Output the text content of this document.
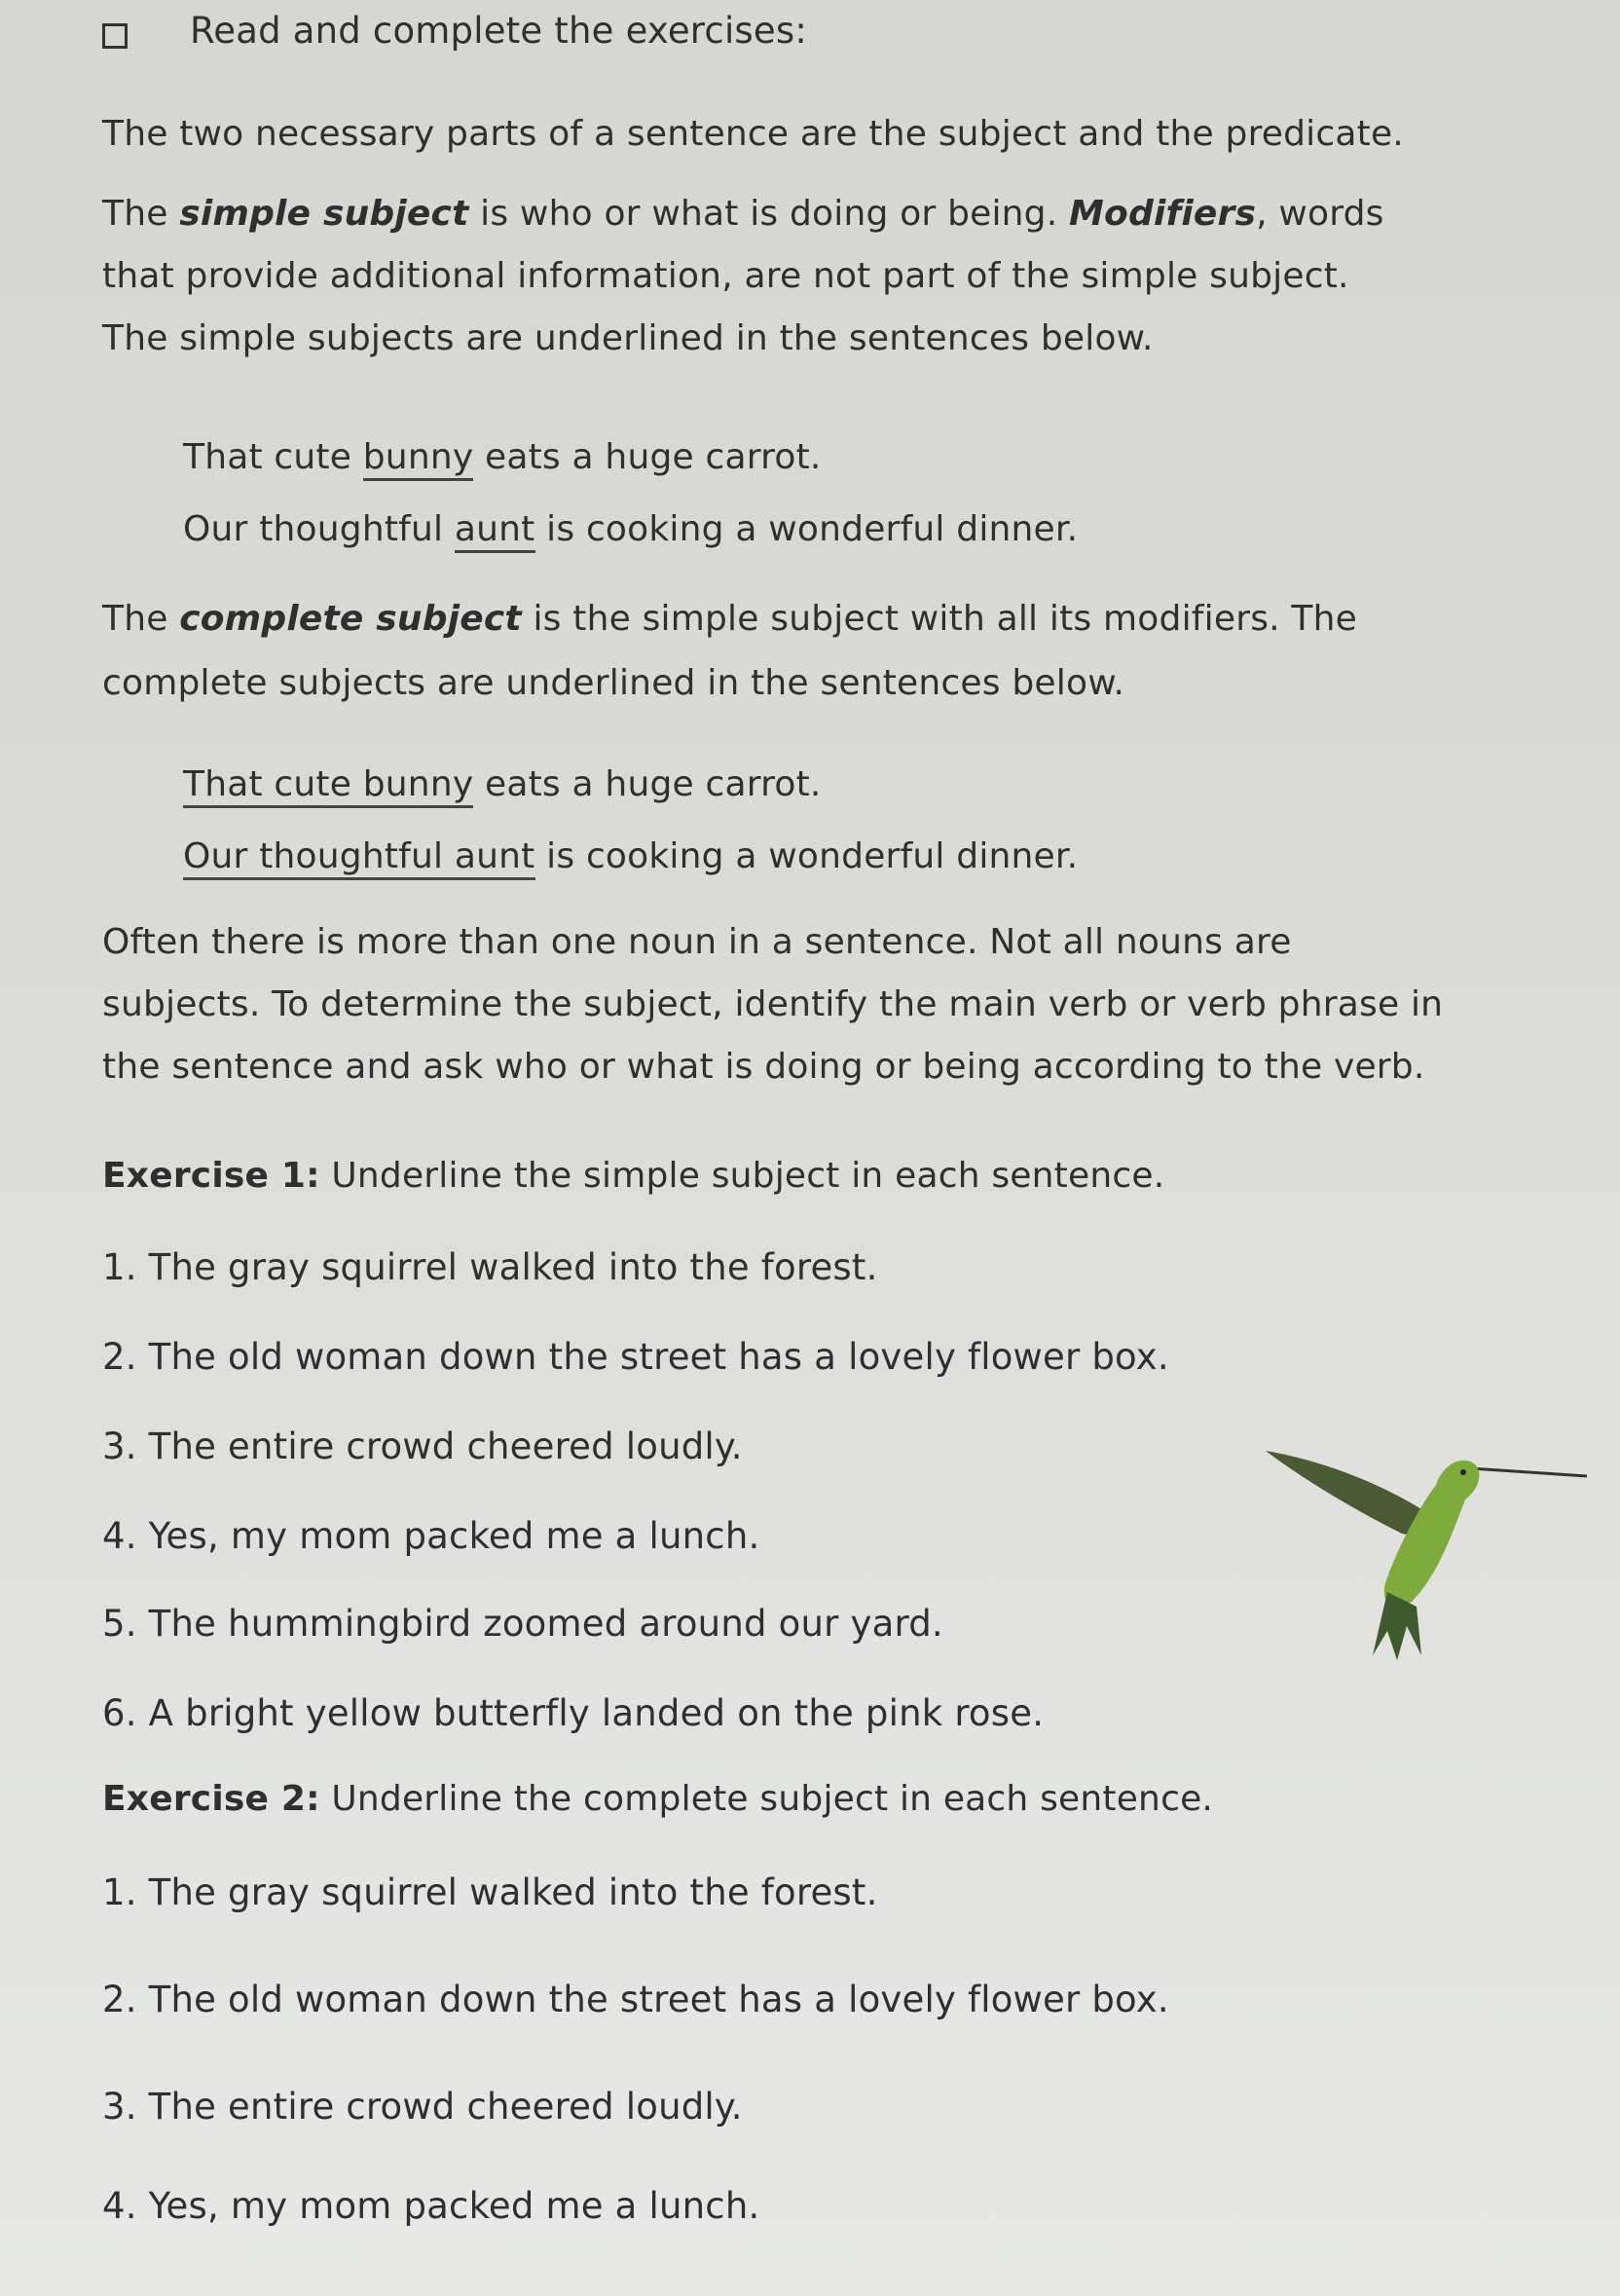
Read and complete the exercises:
The two necessary parts of a sentence are the subject and the predicate.
The simple subject is who or what is doing or being. Modifiers, words
that provide additional information, are not part of the simple subject.
The simple subjects are underlined in the sentences below.
That cute bunny eats a huge carrot.
Our thoughtful aunt is cooking a wonderful dinner.
The complete subject is the simple subject with all its modifiers. The
complete subjects are underlined in the sentences below.
That cute bunny eats a huge carrot.
Our thoughtful aunt is cooking a wonderful dinner.
Often there is more than one noun in a sentence. Not all nouns are
subjects. To determine the subject, identify the main verb or verb phrase in
the sentence and ask who or what is doing or being according to the verb.
Exercise 1: Underline the simple subject in each sentence.
1. The gray squirrel walked into the forest.
2. The old woman down the street has a lovely flower box.
3. The entire crowd cheered loudly.
4. Yes, my mom packed me a lunch.
5. The hummingbird zoomed around our yard.
6. A bright yellow butterfly landed on the pink rose.
Exercise 2: Underline the complete subject in each sentence.
1. The gray squirrel walked into the forest.
2. The old woman down the street has a lovely flower box.
3. The entire crowd cheered loudly.
4. Yes, my mom packed me a lunch.
